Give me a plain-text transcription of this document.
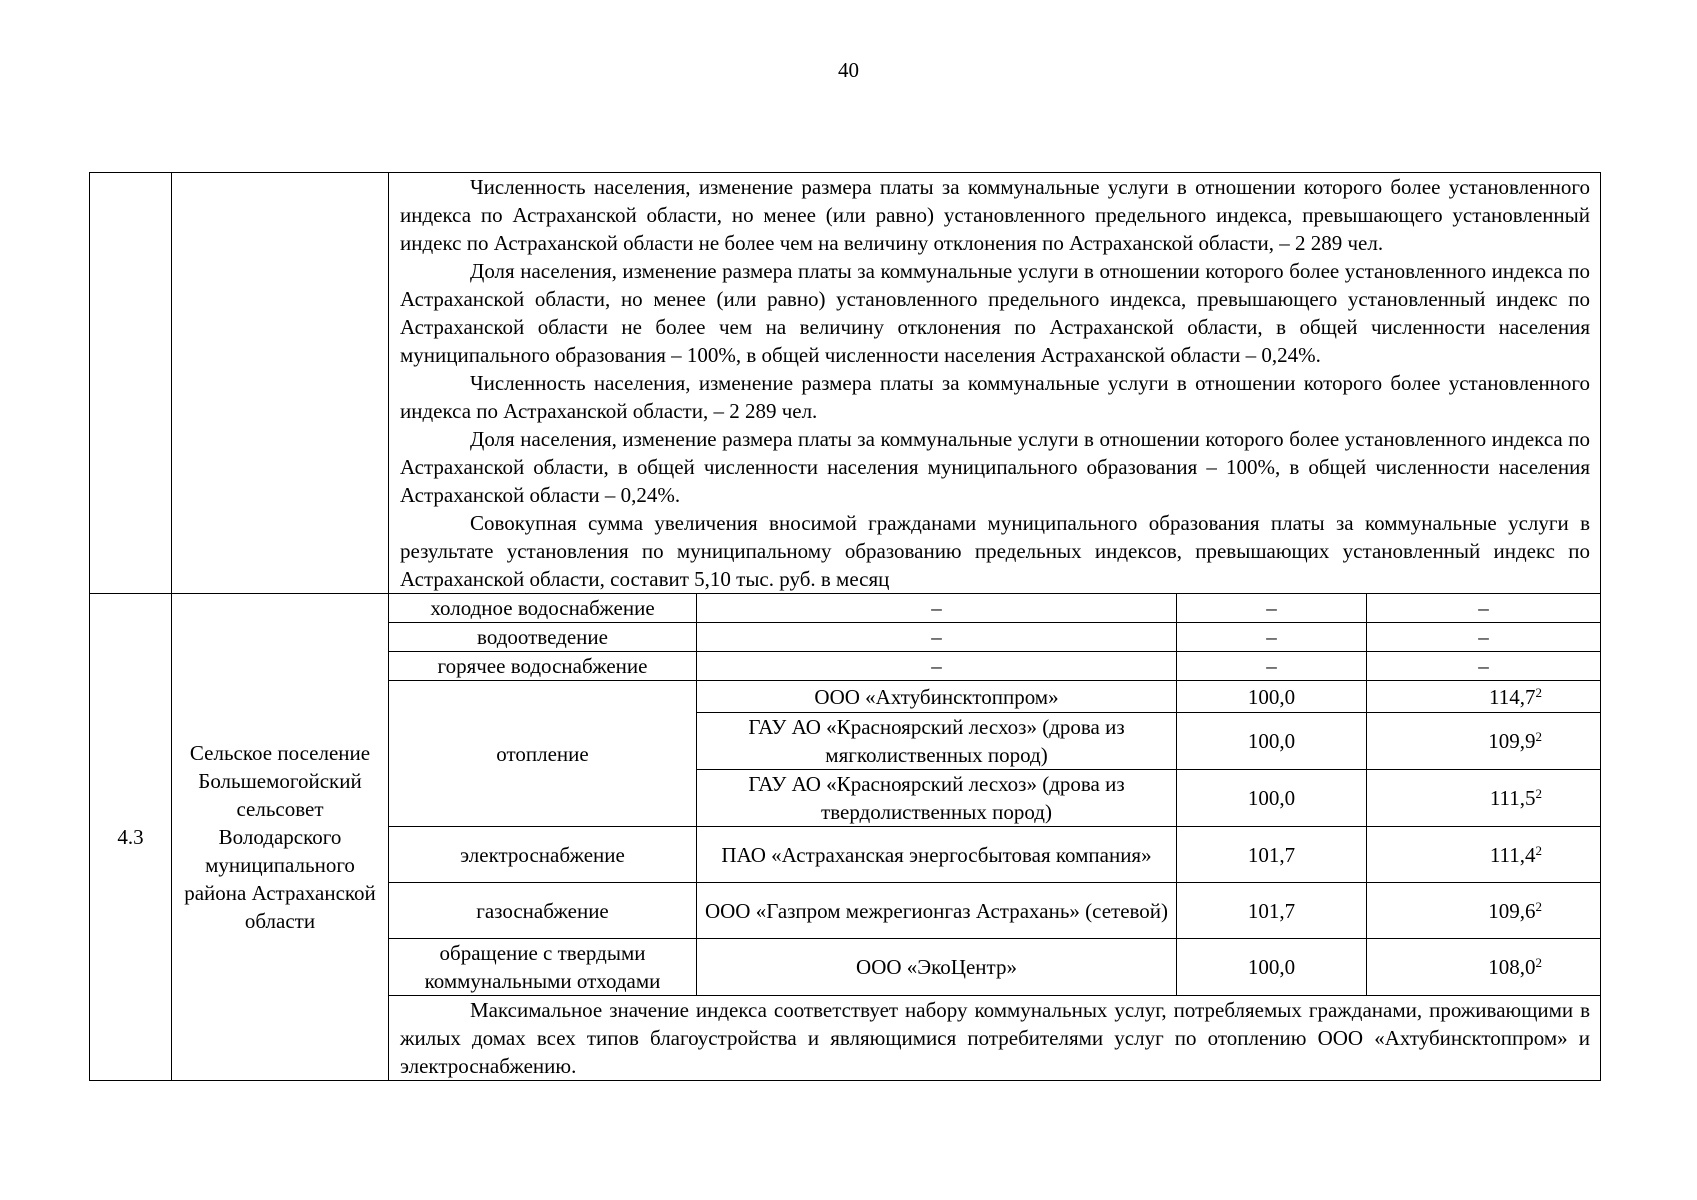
40

		Численность населения, изменение размера платы за коммунальные услуги в отношении которого более установленного индекса по Астраханской области, но менее (или равно) установленного предельного индекса, превышающего установленный индекс по Астраханской области не более чем на величину отклонения по Астраханской области, – 2 289 чел.

Доля населения, изменение размера платы за коммунальные услуги в отношении которого более установленного индекса по Астраханской области, но менее (или равно) установленного предельного индекса, превышающего установленный индекс по Астраханской области не более чем на величину отклонения по Астраханской области, в общей численности населения муниципального образования – 100%, в общей численности населения Астраханской области – 0,24%.

Численность населения, изменение размера платы за коммунальные услуги в отношении которого более установленного индекса по Астраханской области, – 2 289 чел.

Доля населения, изменение размера платы за коммунальные услуги в отношении которого более установленного индекса по Астраханской области, в общей численности населения муниципального образования – 100%, в общей численности населения Астраханской области – 0,24%.

Совокупная сумма увеличения вносимой гражданами муниципального образования платы за коммунальные услуги в результате установления по муниципальному образованию предельных индексов, превышающих установленный индекс по Астраханской области, составит 5,10 тыс. руб. в месяц			

4.3	Сельское поселение Большемогойский сельсовет Володарского муниципального района Астраханской области	холодное водоснабжение	–	–	–
		водоотведение	–	–	–
		горячее водоснабжение	–	–	–
		отопление	ООО «Ахтубинсктоппром»	100,0	114,7$^2$
			ГАУ АО «Красноярский лесхоз» (дрова из мягколиственных пород)	100,0	109,9$^2$
			ГАУ АО «Красноярский лесхоз» (дрова из твердолиственных пород)	100,0	111,5$^2$
		электроснабжение	ПАО «Астраханская энергосбытовая компания»	101,7	111,4$^2$
		газоснабжение	ООО «Газпром межрегионгаз Астрахань» (сетевой)	101,7	109,6$^2$
		обращение с твердыми коммунальными отходами	ООО «ЭкоЦентр»	100,0	108,0$^2$

		Максимальное значение индекса соответствует набору коммунальных услуг, потребляемых гражданами, проживающими в жилых домах всех типов благоустройства и являющимися потребителями услуг по отоплению ООО «Ахтубинсктоппром» и электроснабжению.			
